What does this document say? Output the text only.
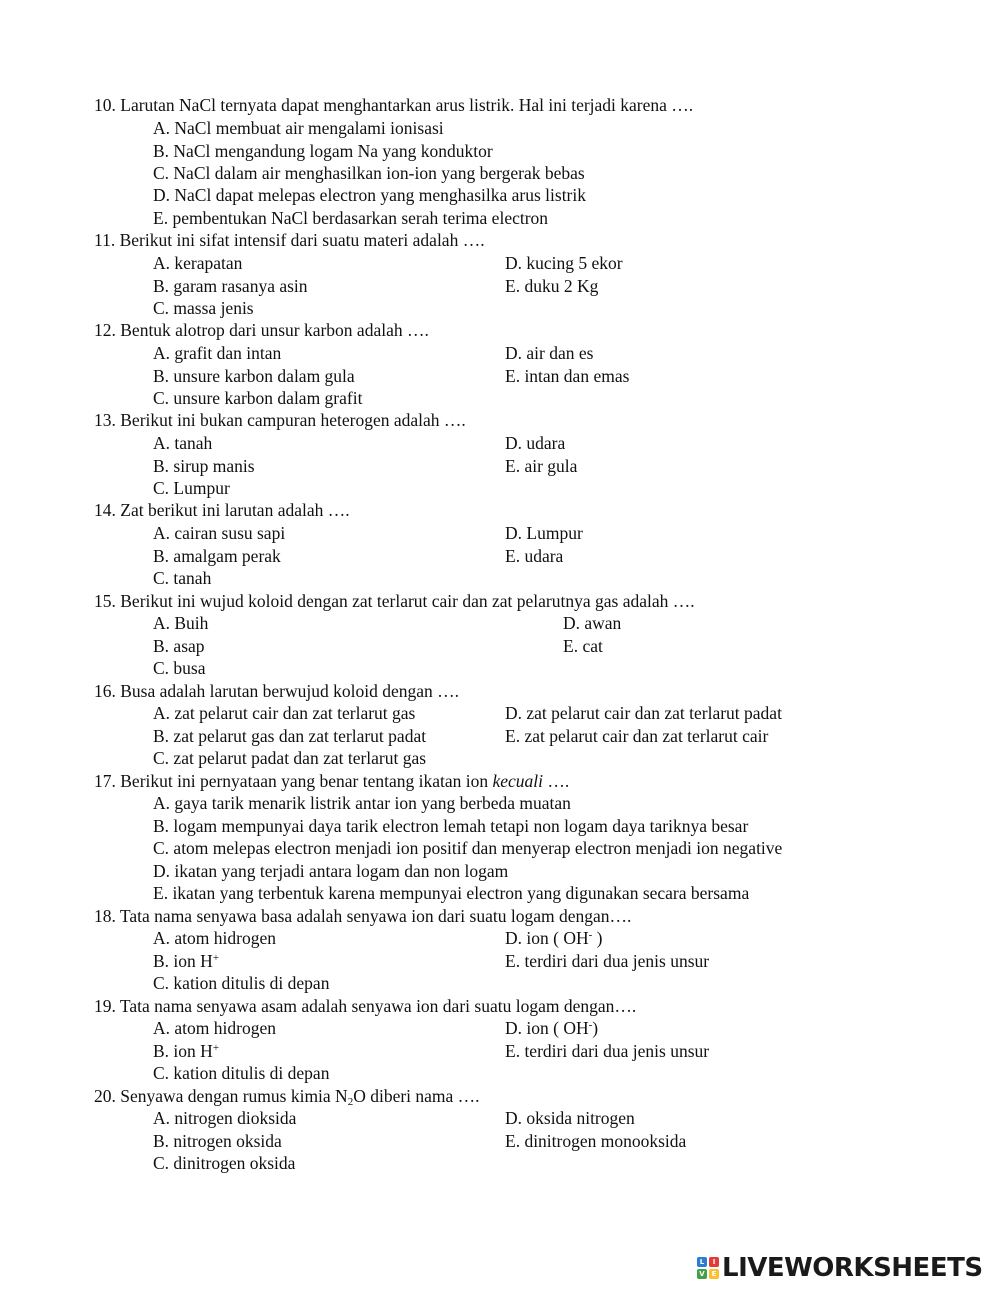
10. Larutan NaCl ternyata dapat menghantarkan arus listrik. Hal ini terjadi karena ….
A. NaCl membuat air mengalami ionisasi
B. NaCl mengandung logam Na yang konduktor
C. NaCl dalam air menghasilkan ion-ion yang bergerak bebas
D. NaCl dapat melepas electron yang menghasilka arus listrik
E. pembentukan NaCl berdasarkan serah terima electron
11. Berikut ini sifat intensif dari suatu materi adalah ….
A. kerapatan
B. garam rasanya asin
C. massa jenis
D. kucing 5 ekor
E. duku 2 Kg
12. Bentuk alotrop dari unsur karbon adalah ….
A. grafit dan intan
B. unsure karbon dalam gula
C. unsure karbon dalam grafit
D. air dan es
E. intan dan emas
13. Berikut ini bukan campuran heterogen adalah ….
A. tanah
B. sirup manis
C. Lumpur
D. udara
E. air gula
14. Zat berikut ini larutan adalah ….
A. cairan susu sapi
B. amalgam perak
C. tanah
D. Lumpur
E. udara
15. Berikut ini wujud koloid dengan zat terlarut cair dan zat pelarutnya gas adalah ….
A. Buih
B. asap
C. busa
D. awan
E. cat
16. Busa adalah larutan berwujud koloid dengan ….
A. zat pelarut cair dan zat terlarut gas
B. zat pelarut gas dan zat terlarut padat
C. zat pelarut padat dan zat terlarut gas
D. zat pelarut cair dan zat terlarut padat
E. zat pelarut cair dan zat terlarut cair
17. Berikut ini pernyataan yang benar tentang ikatan ion kecuali ….
A. gaya tarik menarik listrik antar ion yang berbeda muatan
B. logam mempunyai daya tarik electron lemah tetapi non logam daya tariknya besar
C. atom melepas electron menjadi ion positif dan menyerap electron menjadi ion negative
D. ikatan yang terjadi antara logam dan non logam
E. ikatan yang terbentuk karena mempunyai electron yang digunakan secara bersama
18. Tata nama senyawa basa adalah senyawa ion dari suatu logam dengan….
A. atom hidrogen
B. ion H+
C. kation ditulis di depan
D. ion ( OH- )
E. terdiri dari dua jenis unsur
19. Tata nama senyawa asam adalah senyawa ion dari suatu logam dengan….
A. atom hidrogen
B. ion H+
C. kation ditulis di depan
D. ion ( OH-)
E. terdiri dari dua jenis unsur
20. Senyawa dengan rumus kimia $N_2O$ diberi nama ….
A. nitrogen dioksida
B. nitrogen oksida
C. dinitrogen oksida
D. oksida nitrogen
E. dinitrogen monooksida
L	I
V E LIVEWORKSHEETS
